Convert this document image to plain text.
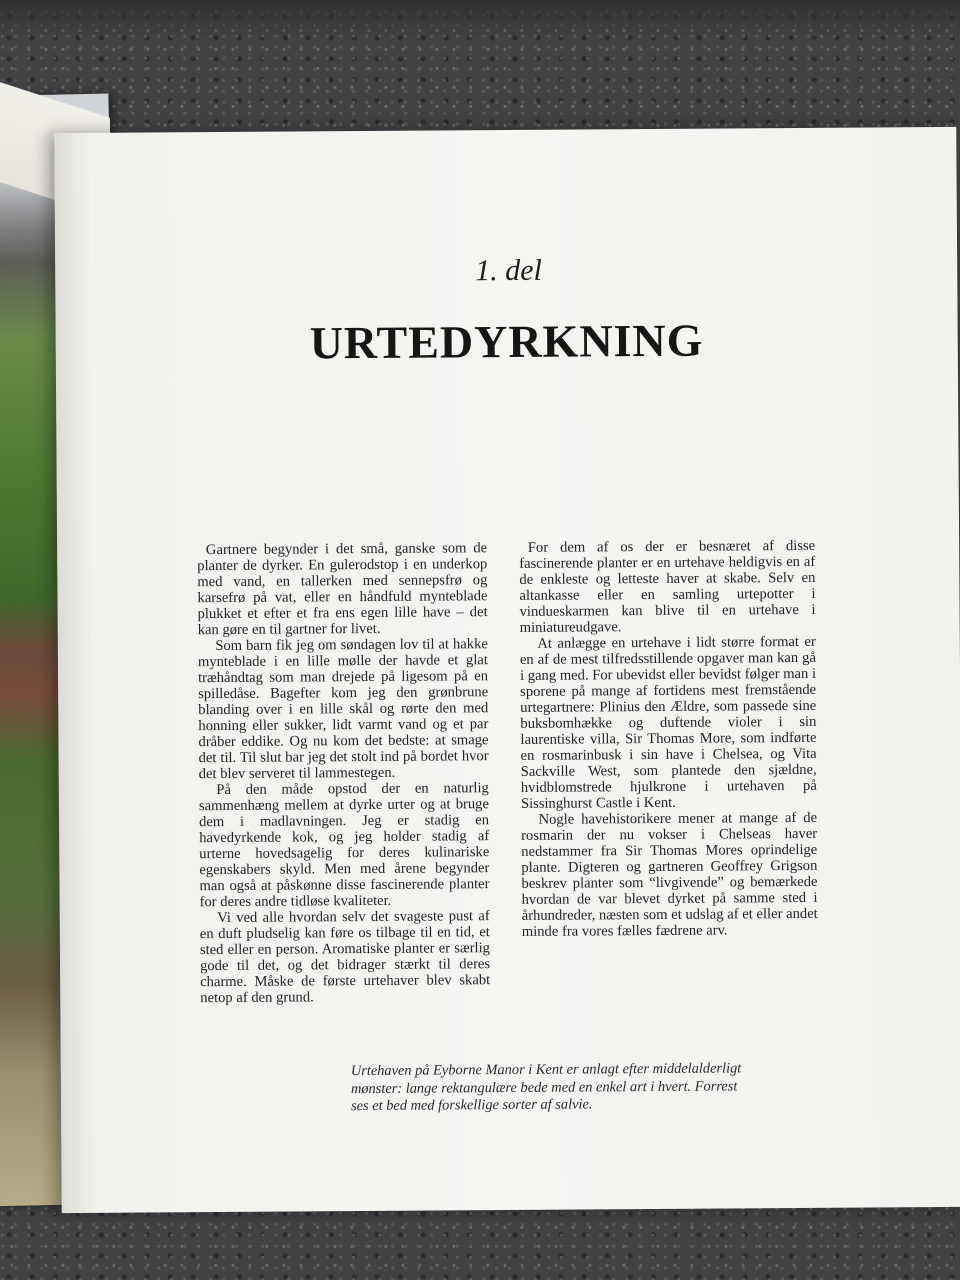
1. del
URTEDYRKNING

Gartnere begynder i det små, ganske som de planter de dyrker. En gulerodstop i en underkop med vand, en tallerken med sennepsfrø og karsefrø på vat, eller en håndfuld mynteblade plukket et efter et fra ens egen lille have – det kan gøre en til gartner for livet.

Som barn fik jeg om søndagen lov til at hakke mynteblade i en lille mølle der havde et glat træhåndtag som man drejede på ligesom på en spilledåse. Bagefter kom jeg den grønbrune blanding over i en lille skål og rørte den med honning eller sukker, lidt varmt vand og et par dråber eddike. Og nu kom det bedste: at smage det til. Til slut bar jeg det stolt ind på bordet hvor det blev serveret til lammestegen.

På den måde opstod der en naturlig sammenhæng mellem at dyrke urter og at bruge dem i madlavningen. Jeg er stadig en havedyrkende kok, og jeg holder stadig af urterne hovedsagelig for deres kulinariske egenskabers skyld. Men med årene begynder man også at påskønne disse fascinerende planter for deres andre tidløse kvaliteter.

Vi ved alle hvordan selv det svageste pust af en duft pludselig kan føre os tilbage til en tid, et sted eller en person. Aromatiske planter er særlig gode til det, og det bidrager stærkt til deres charme. Måske de første urtehaver blev skabt netop af den grund.

For dem af os der er besnæret af disse fascinerende planter er en urtehave heldigvis en af de enkleste og letteste haver at skabe. Selv en altankasse eller en samling urtepotter i vindueskarmen kan blive til en urtehave i miniatureudgave.

At anlægge en urtehave i lidt større format er en af de mest tilfredsstillende opgaver man kan gå i gang med. For ubevidst eller bevidst følger man i sporene på mange af fortidens mest fremstående urtegartnere: Plinius den Ældre, som passede sine buksbomhække og duftende violer i sin laurentiske villa, Sir Thomas More, som indførte en rosmarinbusk i sin have i Chelsea, og Vita Sackville West, som plantede den sjældne, hvidblomstrede hjulkrone i urtehaven på Sissinghurst Castle i Kent.

Nogle havehistorikere mener at mange af de rosmarin der nu vokser i Chelseas haver nedstammer fra Sir Thomas Mores oprindelige plante. Digteren og gartneren Geoffrey Grigson beskrev planter som “livgivende” og bemærkede hvordan de var blevet dyrket på samme sted i århundreder, næsten som et udslag af et eller andet minde fra vores fælles fædrene arv.

Urtehaven på Eyborne Manor i Kent er anlagt efter middelalderligt mønster: lange rektangulære bede med en enkel art i hvert. Forrest ses et bed med forskellige sorter af salvie.
